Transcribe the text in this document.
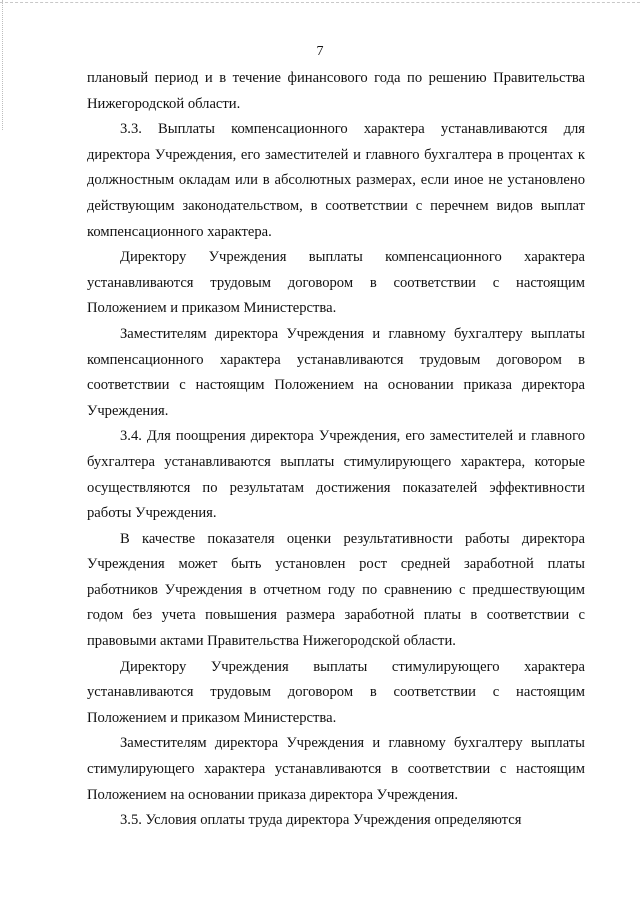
7

плановый период и в течение финансового года по решению Правительства Нижегородской области.

3.3. Выплаты компенсационного характера устанавливаются для директора Учреждения, его заместителей и главного бухгалтера в процентах к должностным окладам или в абсолютных размерах, если иное не установлено действующим законодательством, в соответствии с перечнем видов выплат компенсационного характера.

Директору Учреждения выплаты компенсационного характера устанавливаются трудовым договором в соответствии с настоящим Положением и приказом Министерства.

Заместителям директора Учреждения и главному бухгалтеру выплаты компенсационного характера устанавливаются трудовым договором в соответствии с настоящим Положением на основании приказа директора Учреждения.

3.4. Для поощрения директора Учреждения, его заместителей и главного бухгалтера устанавливаются выплаты стимулирующего характера, которые осуществляются по результатам достижения показателей эффективности работы Учреждения.

В качестве показателя оценки результативности работы директора Учреждения может быть установлен рост средней заработной платы работников Учреждения в отчетном году по сравнению с предшествующим годом без учета повышения размера заработной платы в соответствии с правовыми актами Правительства Нижегородской области.

Директору Учреждения выплаты стимулирующего характера устанавливаются трудовым договором в соответствии с настоящим Положением и приказом Министерства.

Заместителям директора Учреждения и главному бухгалтеру выплаты стимулирующего характера устанавливаются в соответствии с настоящим Положением на основании приказа директора Учреждения.

3.5. Условия оплаты труда директора Учреждения определяются
